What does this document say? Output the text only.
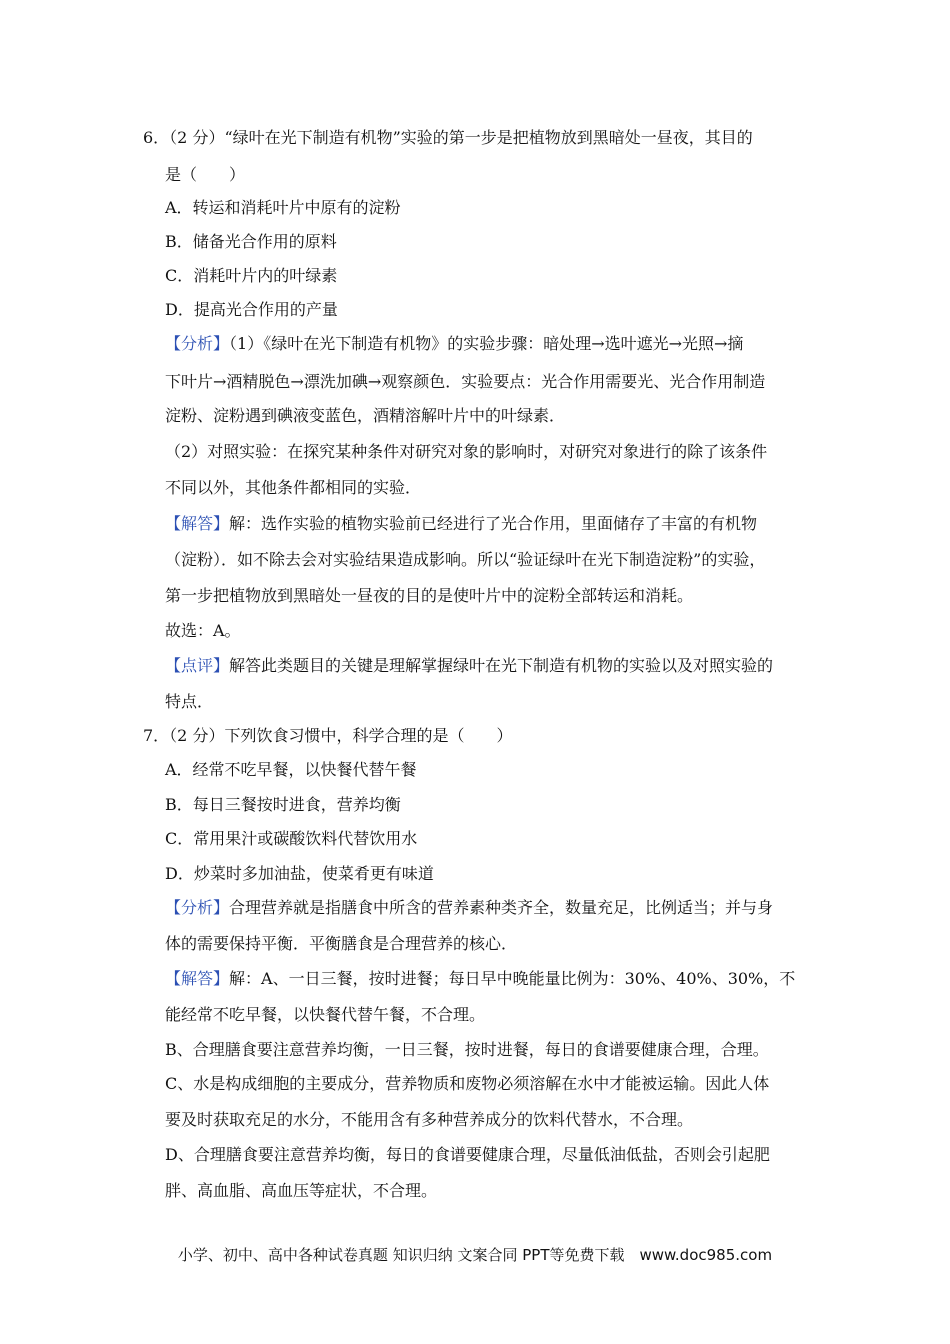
6．（2 分）“绿叶在光下制造有机物”实验的第一步是把植物放到黑暗处一昼夜，其目的
是（　　）
A．转运和消耗叶片中原有的淀粉
B．储备光合作用的原料
C．消耗叶片内的叶绿素
D．提高光合作用的产量
【分析】（1）《绿叶在光下制造有机物》的实验步骤：暗处理→选叶遮光→光照→摘
下叶片→酒精脱色→漂洗加碘→观察颜色．实验要点：光合作用需要光、光合作用制造
淀粉、淀粉遇到碘液变蓝色，酒精溶解叶片中的叶绿素．
（2）对照实验：在探究某种条件对研究对象的影响时，对研究对象进行的除了该条件
不同以外，其他条件都相同的实验．
【解答】解：选作实验的植物实验前已经进行了光合作用，里面储存了丰富的有机物
（淀粉）．如不除去会对实验结果造成影响。所以“验证绿叶在光下制造淀粉”的实验，
第一步把植物放到黑暗处一昼夜的目的是使叶片中的淀粉全部转运和消耗。
故选：A。
【点评】解答此类题目的关键是理解掌握绿叶在光下制造有机物的实验以及对照实验的
特点．
7．（2 分）下列饮食习惯中，科学合理的是（　　）
A．经常不吃早餐，以快餐代替午餐
B．每日三餐按时进食，营养均衡
C．常用果汁或碳酸饮料代替饮用水
D．炒菜时多加油盐，使菜肴更有味道
【分析】合理营养就是指膳食中所含的营养素种类齐全，数量充足，比例适当；并与身
体的需要保持平衡．平衡膳食是合理营养的核心．
【解答】解：A、一日三餐，按时进餐；每日早中晚能量比例为：30%、40%、30%，不
能经常不吃早餐，以快餐代替午餐，不合理。
B、合理膳食要注意营养均衡，一日三餐，按时进餐，每日的食谱要健康合理，合理。
C、水是构成细胞的主要成分，营养物质和废物必须溶解在水中才能被运输。因此人体
要及时获取充足的水分，不能用含有多种营养成分的饮料代替水，不合理。
D、合理膳食要注意营养均衡，每日的食谱要健康合理，尽量低油低盐，否则会引起肥
胖、高血脂、高血压等症状，不合理。
小学、初中、高中各种试卷真题 知识归纳 文案合同 PPT等免费下载　www.doc985.com
